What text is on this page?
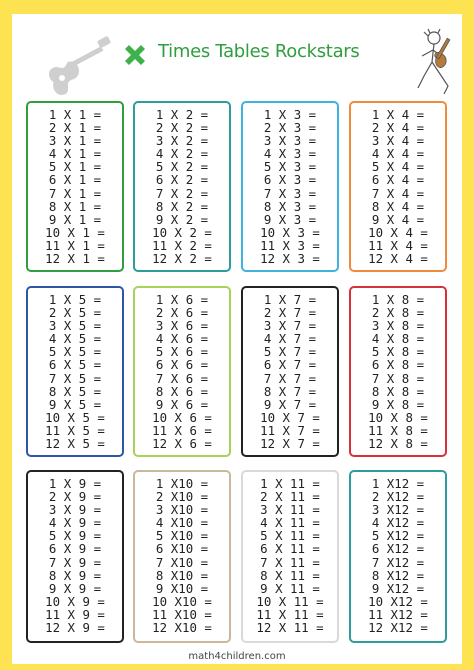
Times Tables Rockstars
1 X 1 =
2 X 1 =
3 X 1 =
4 X 1 =
5 X 1 =
6 X 1 =
7 X 1 =
8 X 1 =
9 X 1 =
10 X 1 =
11 X 1 =
12 X 1 =
1 X 2 =
2 X 2 =
3 X 2 =
4 X 2 =
5 X 2 =
6 X 2 =
7 X 2 =
8 X 2 =
9 X 2 =
10 X 2 =
11 X 2 =
12 X 2 =
1 X 3 =
2 X 3 =
3 X 3 =
4 X 3 =
5 X 3 =
6 X 3 =
7 X 3 =
8 X 3 =
9 X 3 =
10 X 3 =
11 X 3 =
12 X 3 =
1 X 4 =
2 X 4 =
3 X 4 =
4 X 4 =
5 X 4 =
6 X 4 =
7 X 4 =
8 X 4 =
9 X 4 =
10 X 4 =
11 X 4 =
12 X 4 =
1 X 5 =
2 X 5 =
3 X 5 =
4 X 5 =
5 X 5 =
6 X 5 =
7 X 5 =
8 X 5 =
9 X 5 =
10 X 5 =
11 X 5 =
12 X 5 =
1 X 6 =
2 X 6 =
3 X 6 =
4 X 6 =
5 X 6 =
6 X 6 =
7 X 6 =
8 X 6 =
9 X 6 =
10 X 6 =
11 X 6 =
12 X 6 =
1 X 7 =
2 X 7 =
3 X 7 =
4 X 7 =
5 X 7 =
6 X 7 =
7 X 7 =
8 X 7 =
9 X 7 =
10 X 7 =
11 X 7 =
12 X 7 =
1 X 8 =
2 X 8 =
3 X 8 =
4 X 8 =
5 X 8 =
6 X 8 =
7 X 8 =
8 X 8 =
9 X 8 =
10 X 8 =
11 X 8 =
12 X 8 =
1 X 9 =
2 X 9 =
3 X 9 =
4 X 9 =
5 X 9 =
6 X 9 =
7 X 9 =
8 X 9 =
9 X 9 =
10 X 9 =
11 X 9 =
12 X 9 =
1 X10 =
2 X10 =
3 X10 =
4 X10 =
5 X10 =
6 X10 =
7 X10 =
8 X10 =
9 X10 =
10 X10 =
11 X10 =
12 X10 =
1 X 11 =
2 X 11 =
3 X 11 =
4 X 11 =
5 X 11 =
6 X 11 =
7 X 11 =
8 X 11 =
9 X 11 =
10 X 11 =
11 X 11 =
12 X 11 =
1 X12 =
2 X12 =
3 X12 =
4 X12 =
5 X12 =
6 X12 =
7 X12 =
8 X12 =
9 X12 =
10 X12 =
11 X12 =
12 X12 =
math4children.com
